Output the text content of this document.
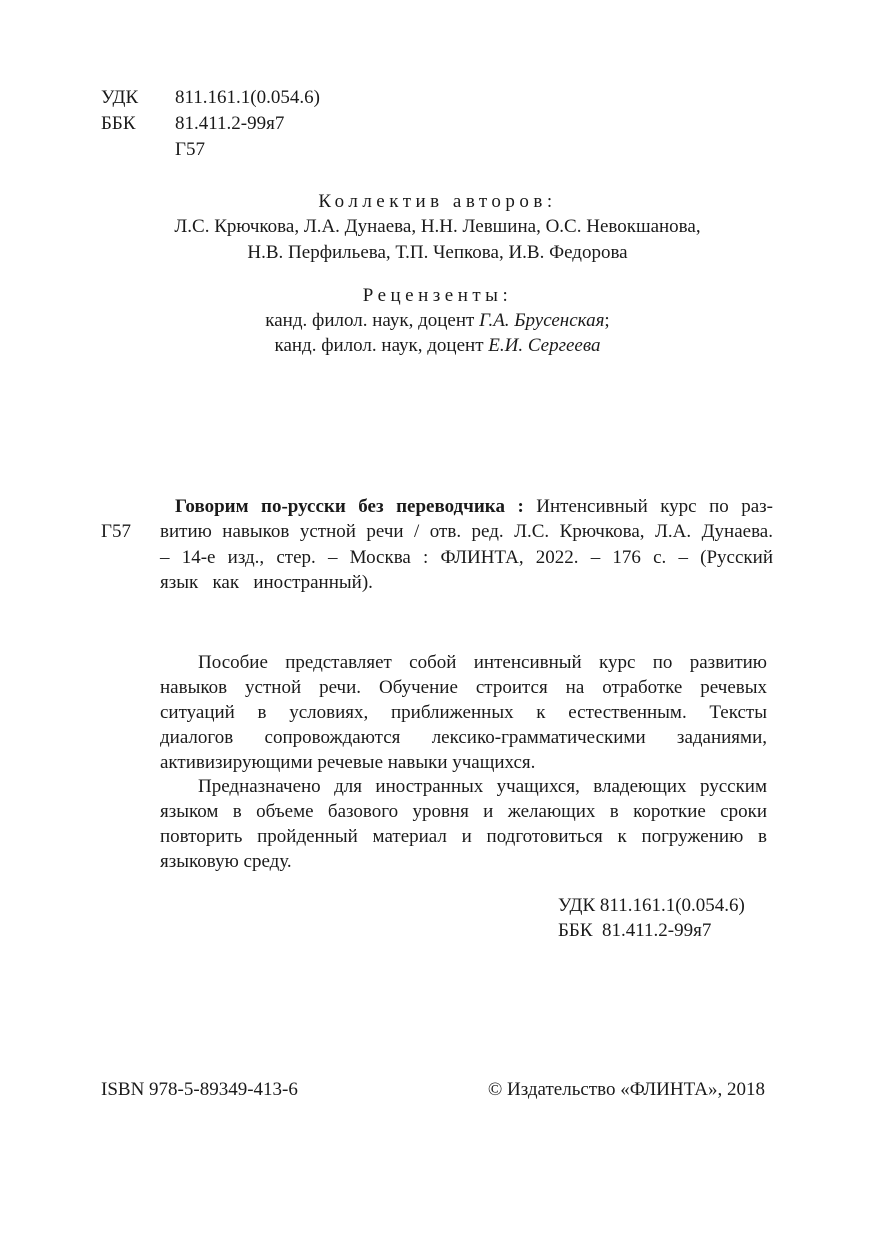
УДК 811.161.1(0.054.6)
ББК 81.411.2-99я7
Г57
Коллектив авторов:
Л.С. Крючкова, Л.А. Дунаева, Н.Н. Левшина, О.С. Невокшанова,
Н.В. Перфильева, Т.П. Чепкова, И.В. Федорова
Рецензенты:
канд. филол. наук, доцент Г.А. Брусенская;
канд. филол. наук, доцент Е.И. Сергеева
Г57
Говорим по-русски без переводчика : Интенсивный курс по раз-
витию навыков устной речи / отв. ред. Л.С. Крючкова, Л.А. Дунаева.
– 14-е изд., стер. – Москва : ФЛИНТА, 2022. – 176 с. – (Русский
язык   как   иностранный).
Пособие представляет собой интенсивный курс по развитию
навыков устной речи. Обучение строится на отработке речевых
ситуаций в условиях, приближенных к естественным. Тексты
диалогов сопровождаются лексико-грамматическими заданиями,
активизирующими речевые навыки учащихся.
Предназначено для иностранных учащихся, владеющих русским
языком в объеме базового уровня и желающих в короткие сроки
повторить пройденный материал и подготовиться к погружению в
языковую среду.
УДК 811.161.1(0.054.6)
ББК  81.411.2-99я7
ISBN 978-5-89349-413-6	© Издательство «ФЛИНТА», 2018
